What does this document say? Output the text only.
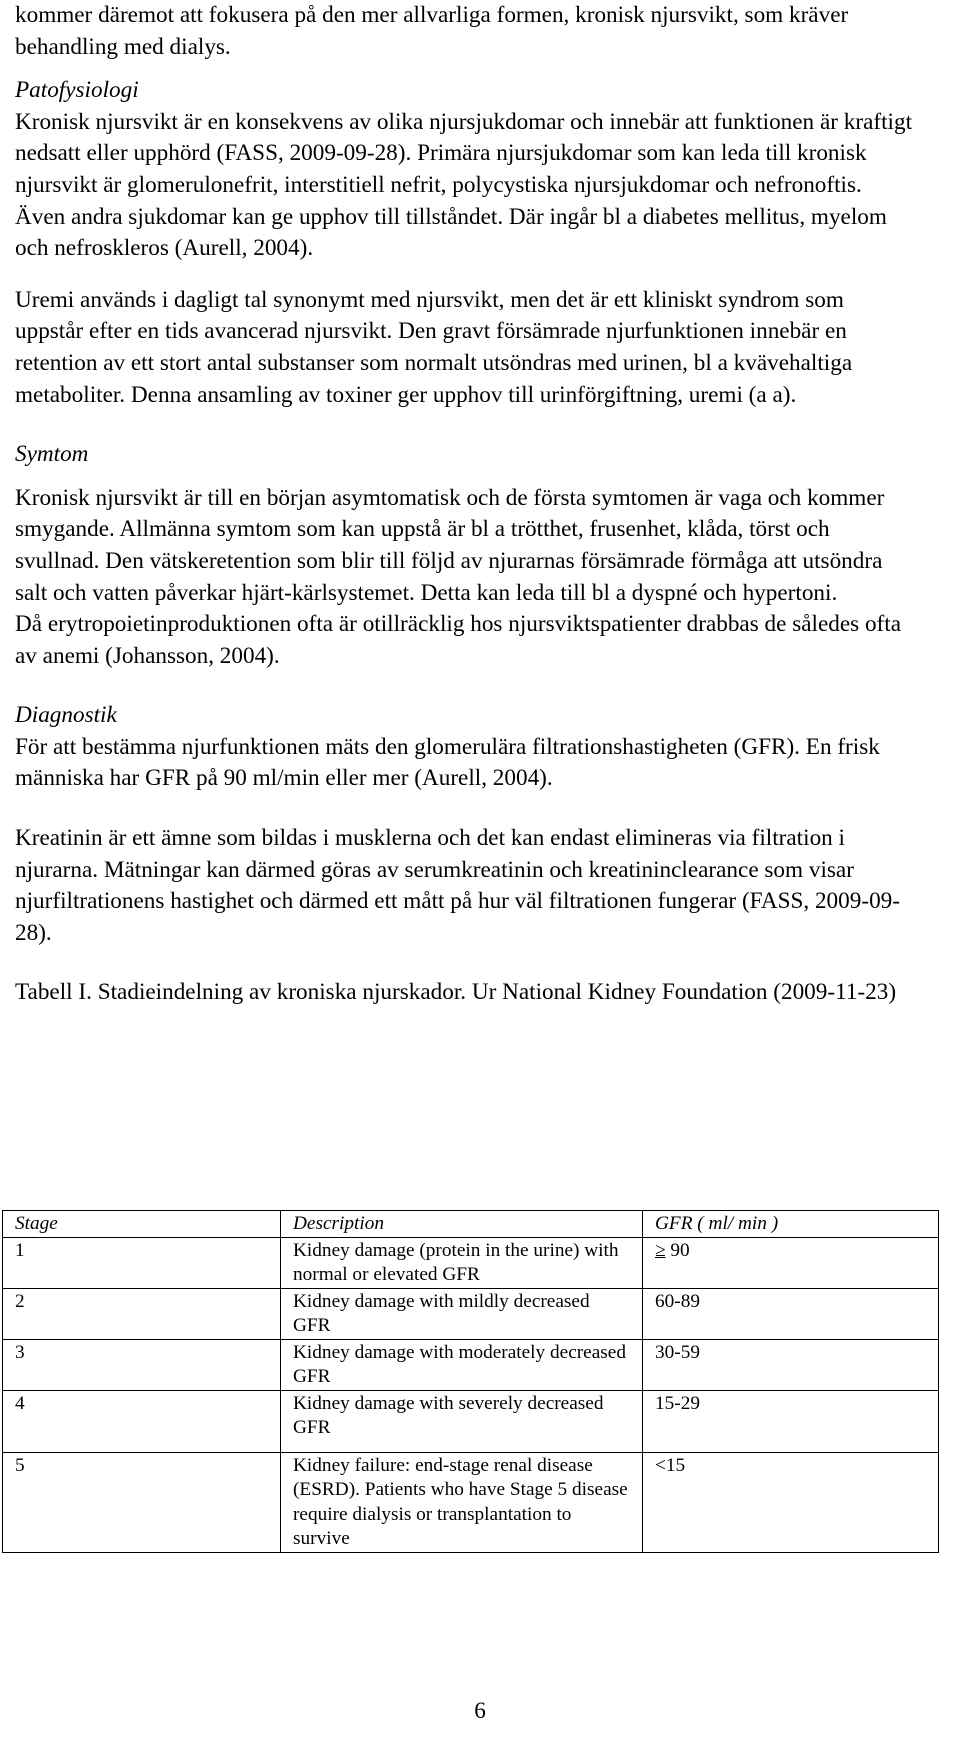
kommer däremot att fokusera på den mer allvarliga formen, kronisk njursvikt, som kräver behandling med dialys.

Patofysiologi

Kronisk njursvikt är en konsekvens av olika njursjukdomar och innebär att funktionen är kraftigt nedsatt eller upphörd (FASS, 2009-09-28). Primära njursjukdomar som kan leda till kronisk njursvikt är glomerulonefrit, interstitiell nefrit, polycystiska njursjukdomar och nefronoftis. Även andra sjukdomar kan ge upphov till tillståndet. Där ingår bl a diabetes mellitus, myelom och nefroskleros (Aurell, 2004).

Uremi används i dagligt tal synonymt med njursvikt, men det är ett kliniskt syndrom som uppstår efter en tids avancerad njursvikt. Den gravt försämrade njurfunktionen innebär en retention av ett stort antal substanser som normalt utsöndras med urinen, bl a kvävehaltiga metaboliter. Denna ansamling av toxiner ger upphov till urinförgiftning, uremi (a a).

Symtom

Kronisk njursvikt är till en början asymtomatisk och de första symtomen är vaga och kommer smygande. Allmänna symtom som kan uppstå är bl a trötthet, frusenhet, klåda, törst och svullnad. Den vätskeretention som blir till följd av njurarnas försämrade förmåga att utsöndra salt och vatten påverkar hjärt-kärlsystemet. Detta kan leda till bl a dyspné och hypertoni.

Då erytropoietinproduktionen ofta är otillräcklig hos njursviktspatienter drabbas de således ofta av anemi (Johansson, 2004).

Diagnostik

För att bestämma njurfunktionen mäts den glomerulära filtrationshastigheten (GFR). En frisk människa har GFR på 90 ml/min eller mer (Aurell, 2004).

Kreatinin är ett ämne som bildas i musklerna och det kan endast elimineras via filtration i njurarna. Mätningar kan därmed göras av serumkreatinin och kreatininclearance som visar njurfiltrationens hastighet och därmed ett mått på hur väl filtrationen fungerar (FASS, 2009-09-28).

Tabell I. Stadieindelning av kroniska njurskador. Ur National Kidney Foundation (2009-11-23)

Stage	Description	GFR ( ml/ min )
1	Kidney damage (protein in the urine) with normal or elevated GFR	≥ 90
2	Kidney damage with mildly decreased GFR	60-89
3	Kidney damage with moderately decreased GFR	30-59
4	Kidney damage with severely decreased GFR	15-29
5	Kidney failure: end-stage renal disease (ESRD). Patients who have Stage 5 disease require dialysis or transplantation to survive	<15
6
